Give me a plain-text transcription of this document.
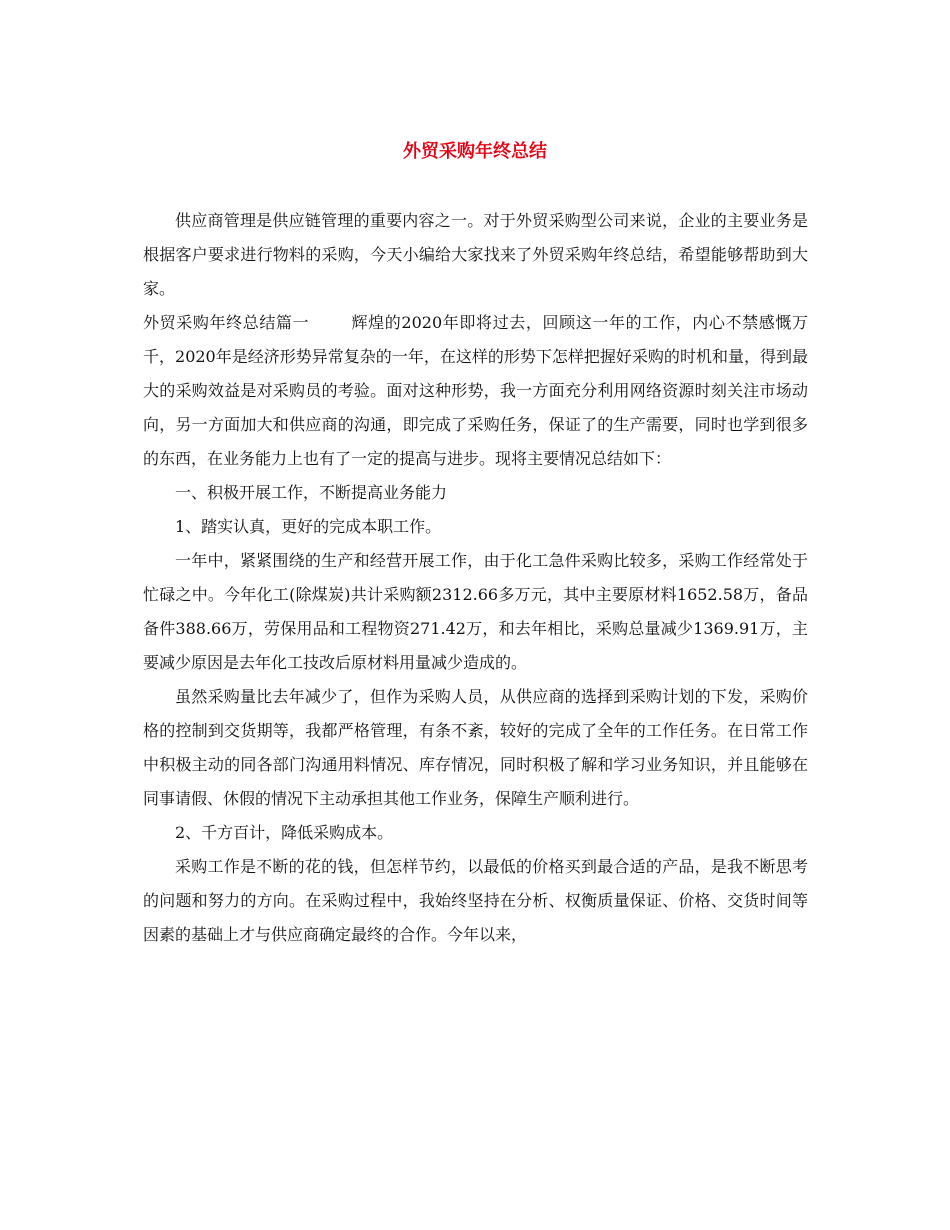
外贸采购年终总结

供应商管理是供应链管理的重要内容之一。对于外贸采购型公司来说，企业的主要业务是根据客户要求进行物料的采购，今天小编给大家找来了外贸采购年终总结，希望能够帮助到大家。

外贸采购年终总结篇一	辉煌的2020年即将过去，回顾这一年的工作，内心不禁感慨万千，2020年是经济形势异常复杂的一年，在这样的形势下怎样把握好采购的时机和量，得到最大的采购效益是对采购员的考验。面对这种形势，我一方面充分利用网络资源时刻关注市场动向，另一方面加大和供应商的沟通，即完成了采购任务，保证了的生产需要，同时也学到很多的东西，在业务能力上也有了一定的提高与进步。现将主要情况总结如下：

一、积极开展工作，不断提高业务能力

1、踏实认真，更好的完成本职工作。

一年中，紧紧围绕的生产和经营开展工作，由于化工急件采购比较多，采购工作经常处于忙碌之中。今年化工(除煤炭)共计采购额2312.66多万元，其中主要原材料1652.58万，备品备件388.66万，劳保用品和工程物资271.42万，和去年相比，采购总量减少1369.91万，主要减少原因是去年化工技改后原材料用量减少造成的。

虽然采购量比去年减少了，但作为采购人员，从供应商的选择到采购计划的下发，采购价格的控制到交货期等，我都严格管理，有条不紊，较好的完成了全年的工作任务。在日常工作中积极主动的同各部门沟通用料情况、库存情况，同时积极了解和学习业务知识，并且能够在同事请假、休假的情况下主动承担其他工作业务，保障生产顺利进行。

2、千方百计，降低采购成本。

采购工作是不断的花的钱，但怎样节约，以最低的价格买到最合适的产品，是我不断思考的问题和努力的方向。在采购过程中，我始终坚持在分析、权衡质量保证、价格、交货时间等因素的基础上才与供应商确定最终的合作。今年以来，
